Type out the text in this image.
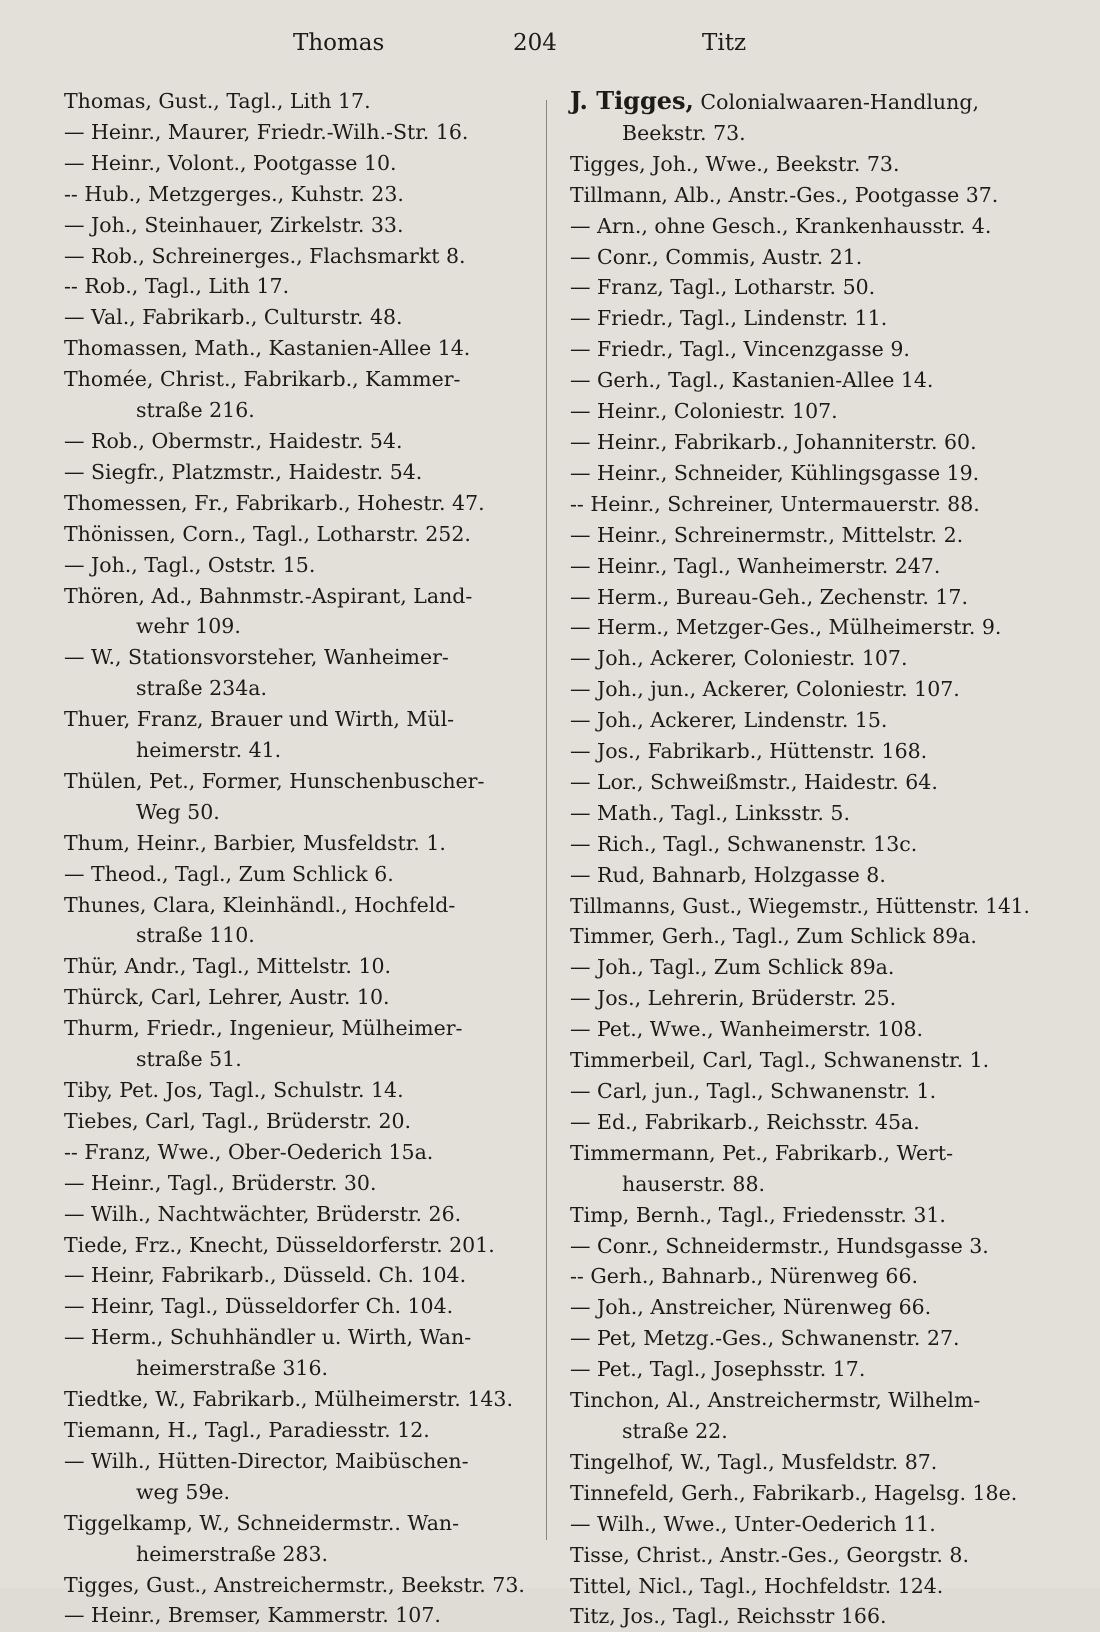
Thomas	204	Titz
Thomas, Gust., Tagl., Lith 17.
— Heinr., Maurer, Friedr.-Wilh.-Str. 16.
— Heinr., Volont., Pootgasse 10.
-- Hub., Metzgerges., Kuhstr. 23.
— Joh., Steinhauer, Zirkelstr. 33.
— Rob., Schreinerges., Flachsmarkt 8.
-- Rob., Tagl., Lith 17.
— Val., Fabrikarb., Culturstr. 48.
Thomassen, Math., Kastanien-Allee 14.
Thomée, Christ., Fabrikarb., Kammer-
straße 216.
— Rob., Obermstr., Haidestr. 54.
— Siegfr., Platzmstr., Haidestr. 54.
Thomessen, Fr., Fabrikarb., Hohestr. 47.
Thönissen, Corn., Tagl., Lotharstr. 252.
— Joh., Tagl., Oststr. 15.
Thören, Ad., Bahnmstr.-Aspirant, Land-
wehr 109.
— W., Stationsvorsteher, Wanheimer-
straße 234a.
Thuer, Franz, Brauer und Wirth, Mül-
heimerstr. 41.
Thülen, Pet., Former, Hunschenbuscher-
Weg 50.
Thum, Heinr., Barbier, Musfeldstr. 1.
— Theod., Tagl., Zum Schlick 6.
Thunes, Clara, Kleinhändl., Hochfeld-
straße 110.
Thür, Andr., Tagl., Mittelstr. 10.
Thürck, Carl, Lehrer, Austr. 10.
Thurm, Friedr., Ingenieur, Mülheimer-
straße 51.
Tiby, Pet. Jos, Tagl., Schulstr. 14.
Tiebes, Carl, Tagl., Brüderstr. 20.
-- Franz, Wwe., Ober-Oederich 15a.
— Heinr., Tagl., Brüderstr. 30.
— Wilh., Nachtwächter, Brüderstr. 26.
Tiede, Frz., Knecht, Düsseldorferstr. 201.
— Heinr, Fabrikarb., Düsseld. Ch. 104.
— Heinr, Tagl., Düsseldorfer Ch. 104.
— Herm., Schuhhändler u. Wirth, Wan-
heimerstraße 316.
Tiedtke, W., Fabrikarb., Mülheimerstr. 143.
Tiemann, H., Tagl., Paradiesstr. 12.
— Wilh., Hütten-Director, Maibüschen-
weg 59e.
Tiggelkamp, W., Schneidermstr.. Wan-
heimerstraße 283.
Tigges, Gust., Anstreichermstr., Beekstr. 73.
— Heinr., Bremser, Kammerstr. 107.
J. Tigges, Colonialwaaren-Handlung,
Beekstr. 73.
Tigges, Joh., Wwe., Beekstr. 73.
Tillmann, Alb., Anstr.-Ges., Pootgasse 37.
— Arn., ohne Gesch., Krankenhausstr. 4.
— Conr., Commis, Austr. 21.
— Franz, Tagl., Lotharstr. 50.
— Friedr., Tagl., Lindenstr. 11.
— Friedr., Tagl., Vincenzgasse 9.
— Gerh., Tagl., Kastanien-Allee 14.
— Heinr., Coloniestr. 107.
— Heinr., Fabrikarb., Johanniterstr. 60.
— Heinr., Schneider, Kühlingsgasse 19.
-- Heinr., Schreiner, Untermauerstr. 88.
— Heinr., Schreinermstr., Mittelstr. 2.
— Heinr., Tagl., Wanheimerstr. 247.
— Herm., Bureau-Geh., Zechenstr. 17.
— Herm., Metzger-Ges., Mülheimerstr. 9.
— Joh., Ackerer, Coloniestr. 107.
— Joh., jun., Ackerer, Coloniestr. 107.
— Joh., Ackerer, Lindenstr. 15.
— Jos., Fabrikarb., Hüttenstr. 168.
— Lor., Schweißmstr., Haidestr. 64.
— Math., Tagl., Linksstr. 5.
— Rich., Tagl., Schwanenstr. 13c.
— Rud, Bahnarb, Holzgasse 8.
Tillmanns, Gust., Wiegemstr., Hüttenstr. 141.
Timmer, Gerh., Tagl., Zum Schlick 89a.
— Joh., Tagl., Zum Schlick 89a.
— Jos., Lehrerin, Brüderstr. 25.
— Pet., Wwe., Wanheimerstr. 108.
Timmerbeil, Carl, Tagl., Schwanenstr. 1.
— Carl, jun., Tagl., Schwanenstr. 1.
— Ed., Fabrikarb., Reichsstr. 45a.
Timmermann, Pet., Fabrikarb., Wert-
hauserstr. 88.
Timp, Bernh., Tagl., Friedensstr. 31.
— Conr., Schneidermstr., Hundsgasse 3.
-- Gerh., Bahnarb., Nürenweg 66.
— Joh., Anstreicher, Nürenweg 66.
— Pet, Metzg.-Ges., Schwanenstr. 27.
— Pet., Tagl., Josephsstr. 17.
Tinchon, Al., Anstreichermstr, Wilhelm-
straße 22.
Tingelhof, W., Tagl., Musfeldstr. 87.
Tinnefeld, Gerh., Fabrikarb., Hagelsg. 18e.
— Wilh., Wwe., Unter-Oederich 11.
Tisse, Christ., Anstr.-Ges., Georgstr. 8.
Tittel, Nicl., Tagl., Hochfeldstr. 124.
Titz, Jos., Tagl., Reichsstr 166.
